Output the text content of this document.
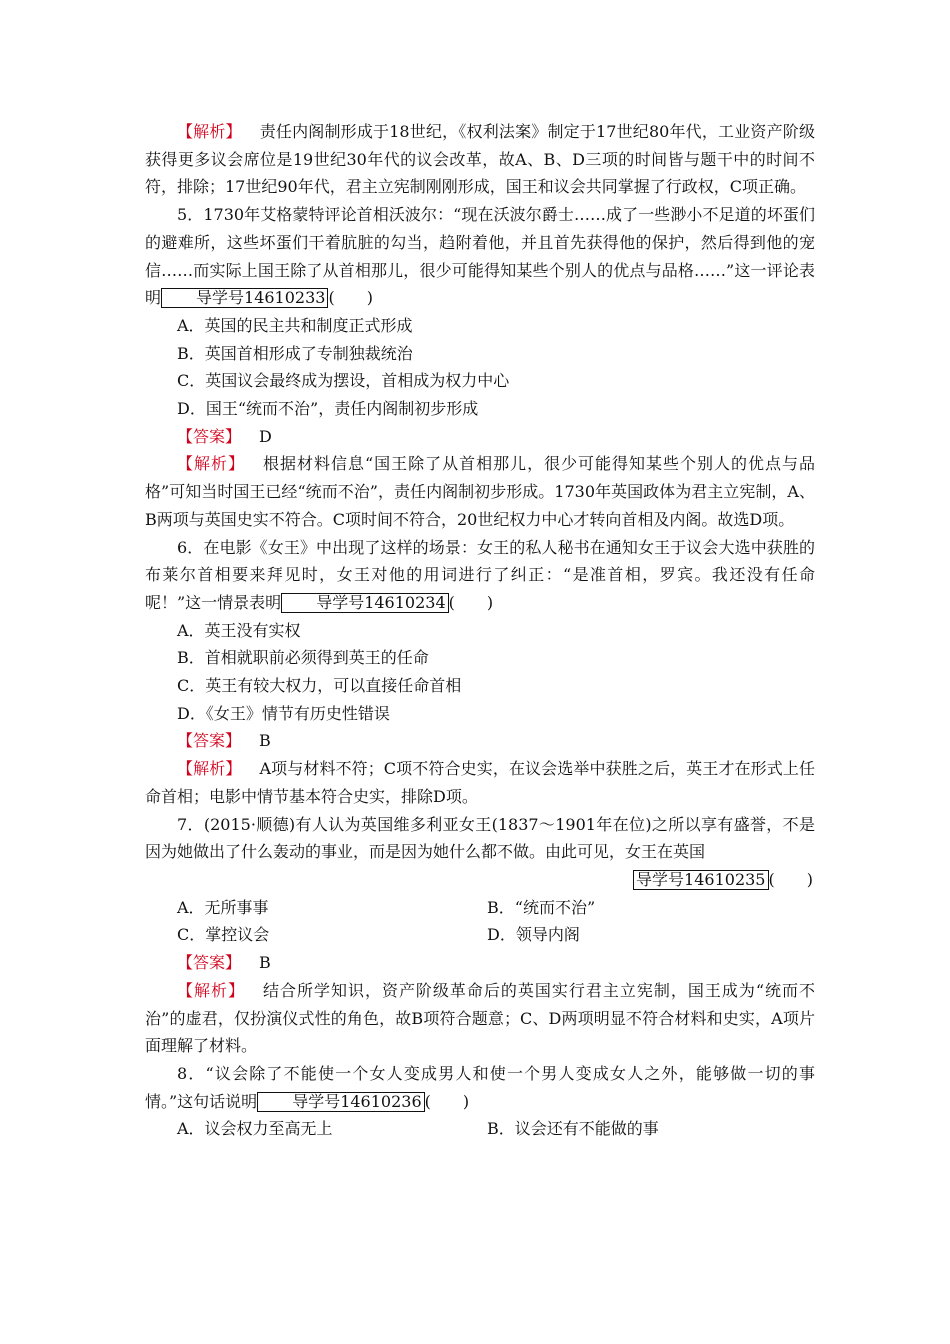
【解析】 责任内阁制形成于18世纪，《权利法案》制定于17世纪80年代，工业资产阶级获得更多议会席位是19世纪30年代的议会改革，故A、B、D三项的时间皆与题干中的时间不符，排除；17世纪90年代，君主立宪制刚刚形成，国王和议会共同掌握了行政权，C项正确。

5．1730年艾格蒙特评论首相沃波尔：“现在沃波尔爵士……成了一些渺小不足道的坏蛋们的避难所，这些坏蛋们干着肮脏的勾当，趋附着他，并且首先获得他的保护，然后得到他的宠信……而实际上国王除了从首相那儿，很少可能得知某些个别人的优点与品格……”这一评论表明 导学号14610233 (　　)

A．英国的民主共和制度正式形成

B．英国首相形成了专制独裁统治

C．英国议会最终成为摆设，首相成为权力中心

D．国王“统而不治”，责任内阁制初步形成

【答案】 D

【解析】 根据材料信息“国王除了从首相那儿，很少可能得知某些个别人的优点与品格”可知当时国王已经“统而不治”，责任内阁制初步形成。1730年英国政体为君主立宪制，A、B两项与英国史实不符合。C项时间不符合，20世纪权力中心才转向首相及内阁。故选D项。

6．在电影《女王》中出现了这样的场景：女王的私人秘书在通知女王于议会大选中获胜的布莱尔首相要来拜见时，女王对他的用词进行了纠正：“是准首相，罗宾。我还没有任命呢！”这一情景表明 导学号14610234 (　　)

A．英王没有实权

B．首相就职前必须得到英王的任命

C．英王有较大权力，可以直接任命首相

D．《女王》情节有历史性错误

【答案】 B

【解析】 A项与材料不符；C项不符合史实，在议会选举中获胜之后，英王才在形式上任命首相；电影中情节基本符合史实，排除D项。

7．(2015·顺德)有人认为英国维多利亚女王(1837～1901年在位)之所以享有盛誉，不是因为她做出了什么轰动的事业，而是因为她什么都不做。由此可见，女王在英国

导学号14610235 (　　)

A．无所事事	B．“统而不治”
C．掌控议会	D．领导内阁

【答案】 B

【解析】 结合所学知识，资产阶级革命后的英国实行君主立宪制，国王成为“统而不治”的虚君，仅扮演仪式性的角色，故B项符合题意；C、D两项明显不符合材料和史实，A项片面理解了材料。

8．“议会除了不能使一个女人变成男人和使一个男人变成女人之外，能够做一切的事情。”这句话说明 导学号14610236 (　　)

A．议会权力至高无上	B．议会还有不能做的事
